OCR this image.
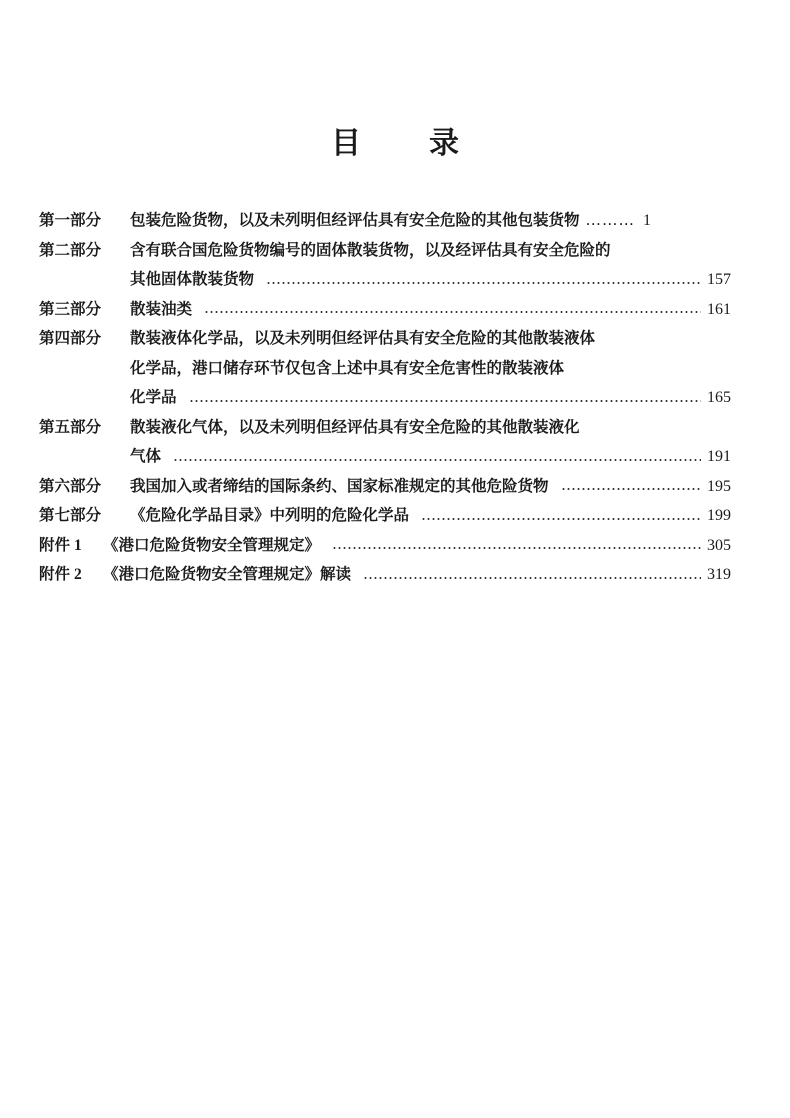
目 录
第一部分	包装危险货物，以及未列明但经评估具有安全危险的其他包装货物 ……… 1
第二部分	含有联合国危险货物编号的固体散装货物，以及经评估具有安全危险的
其他固体散装货物	157
第三部分	散装油类	161
第四部分	散装液体化学品，以及未列明但经评估具有安全危险的其他散装液体
化学品，港口储存环节仅包含上述中具有安全危害性的散装液体
化学品	165
第五部分	散装液化气体，以及未列明但经评估具有安全危险的其他散装液化
气体	191
第六部分	我国加入或者缔结的国际条约、国家标准规定的其他危险货物	195
第七部分	《危险化学品目录》中列明的危险化学品	199
附件 1	《港口危险货物安全管理规定》	305
附件 2	《港口危险货物安全管理规定》解读	319
